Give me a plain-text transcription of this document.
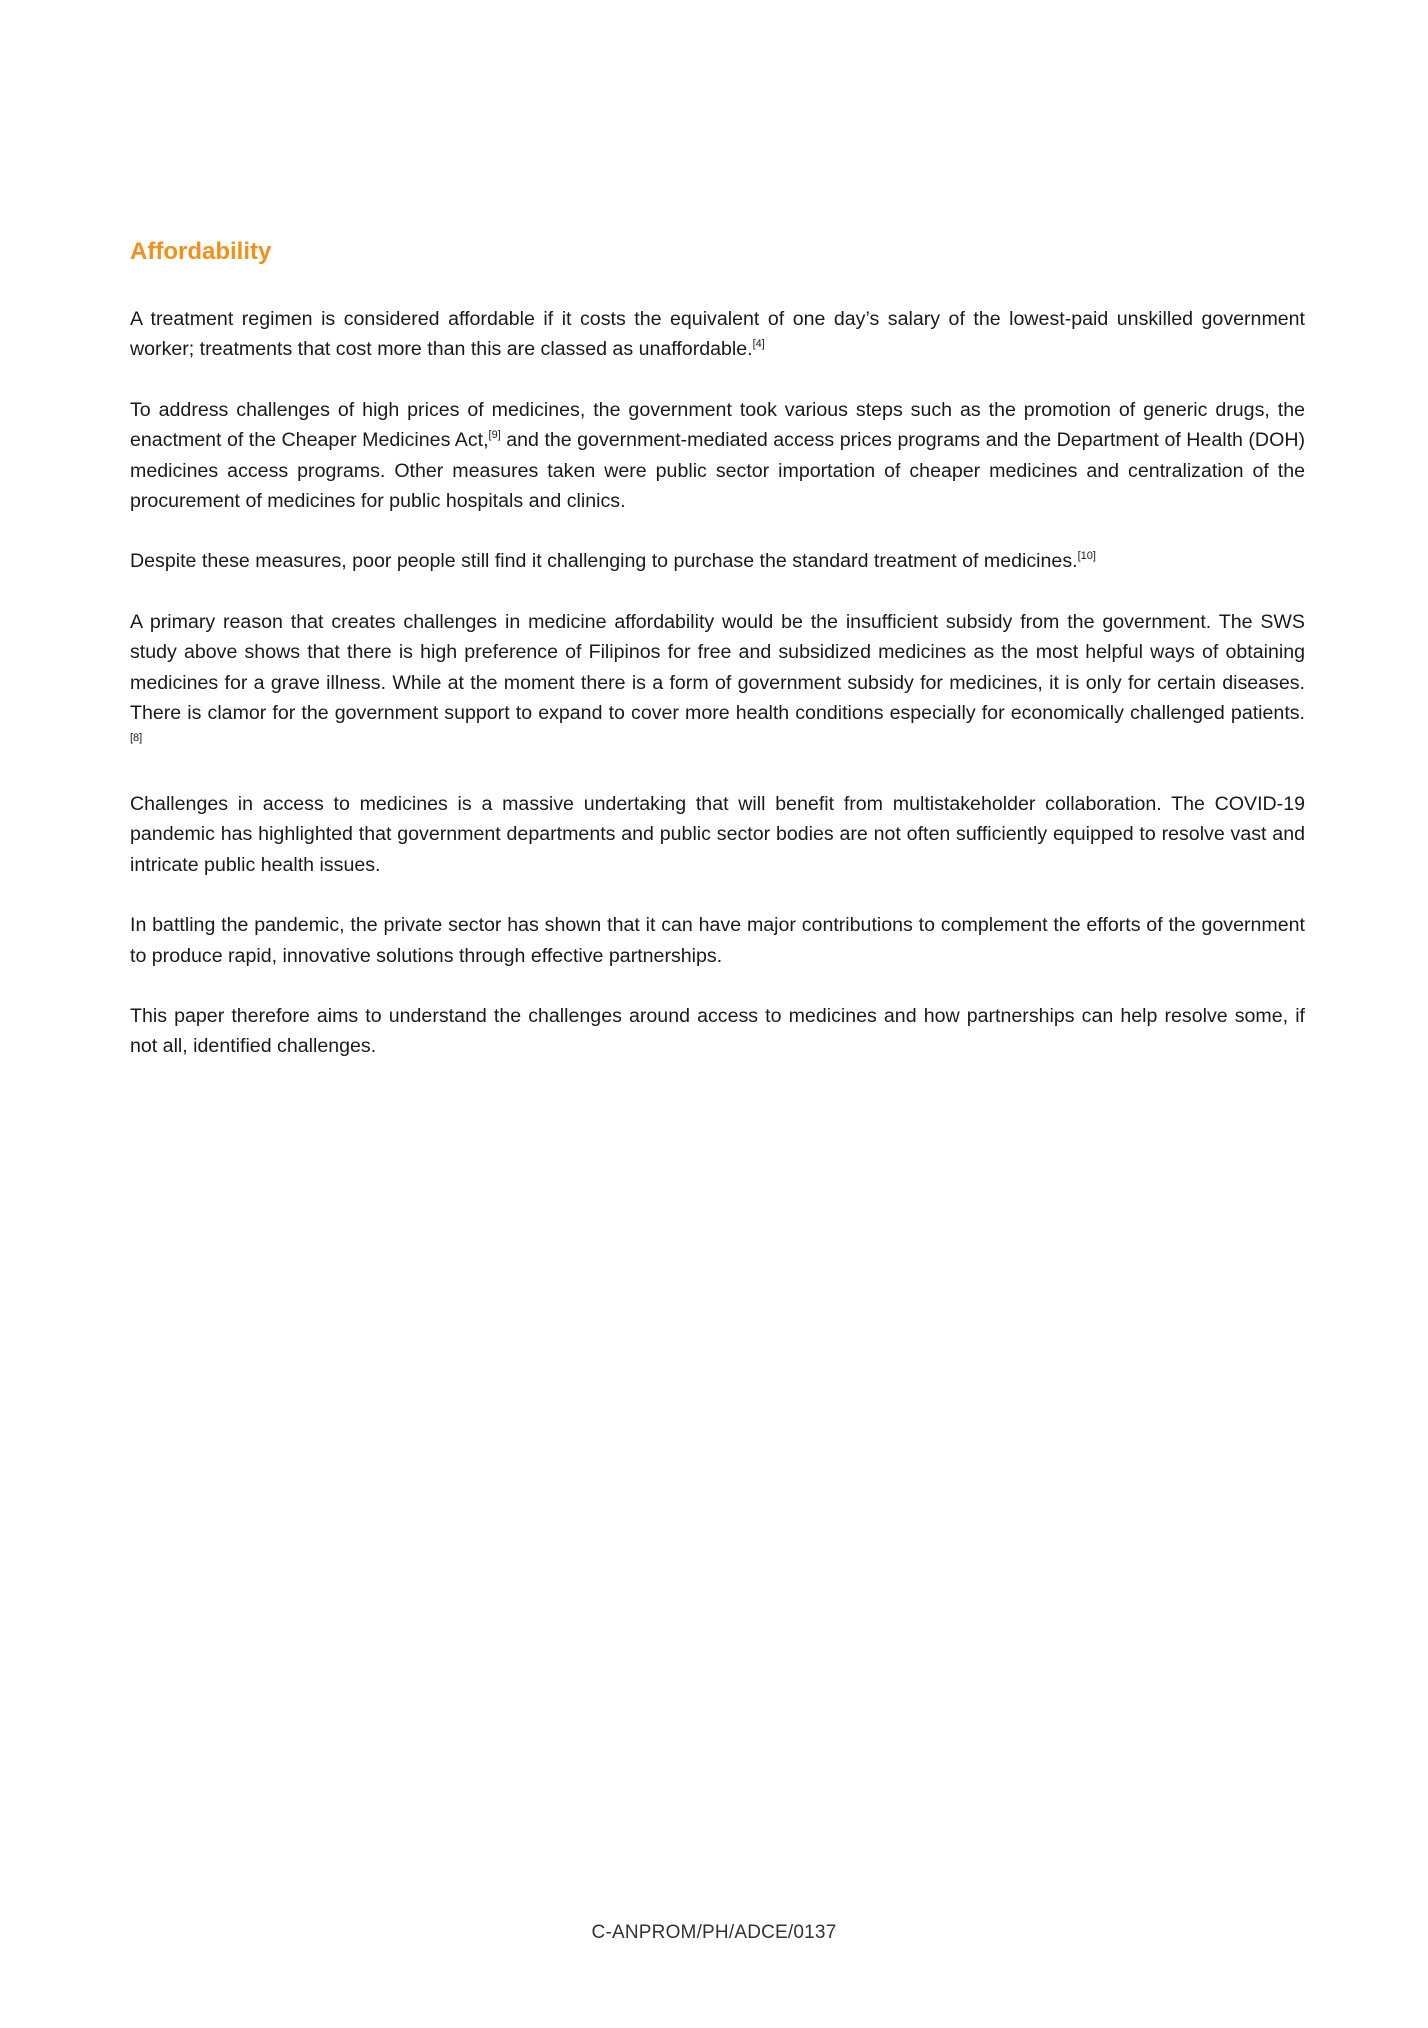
Affordability

A treatment regimen is considered affordable if it costs the equivalent of one day’s salary of the lowest-paid unskilled government worker; treatments that cost more than this are classed as unaffordable.[4]

To address challenges of high prices of medicines, the government took various steps such as the promotion of generic drugs, the enactment of the Cheaper Medicines Act,[9] and the government-mediated access prices programs and the Department of Health (DOH) medicines access programs. Other measures taken were public sector importation of cheaper medicines and centralization of the procurement of medicines for public hospitals and clinics.

Despite these measures, poor people still find it challenging to purchase the standard treatment of medicines.[10]

A primary reason that creates challenges in medicine affordability would be the insufficient subsidy from the government. The SWS study above shows that there is high preference of Filipinos for free and subsidized medicines as the most helpful ways of obtaining medicines for a grave illness. While at the moment there is a form of government subsidy for medicines, it is only for certain diseases. There is clamor for the government support to expand to cover more health conditions especially for economically challenged patients.[8]

Challenges in access to medicines is a massive undertaking that will benefit from multistakeholder collaboration. The COVID-19 pandemic has highlighted that government departments and public sector bodies are not often sufficiently equipped to resolve vast and intricate public health issues.

In battling the pandemic, the private sector has shown that it can have major contributions to complement the efforts of the government to produce rapid, innovative solutions through effective partnerships.

This paper therefore aims to understand the challenges around access to medicines and how partnerships can help resolve some, if not all, identified challenges.

C-ANPROM/PH/ADCE/0137
